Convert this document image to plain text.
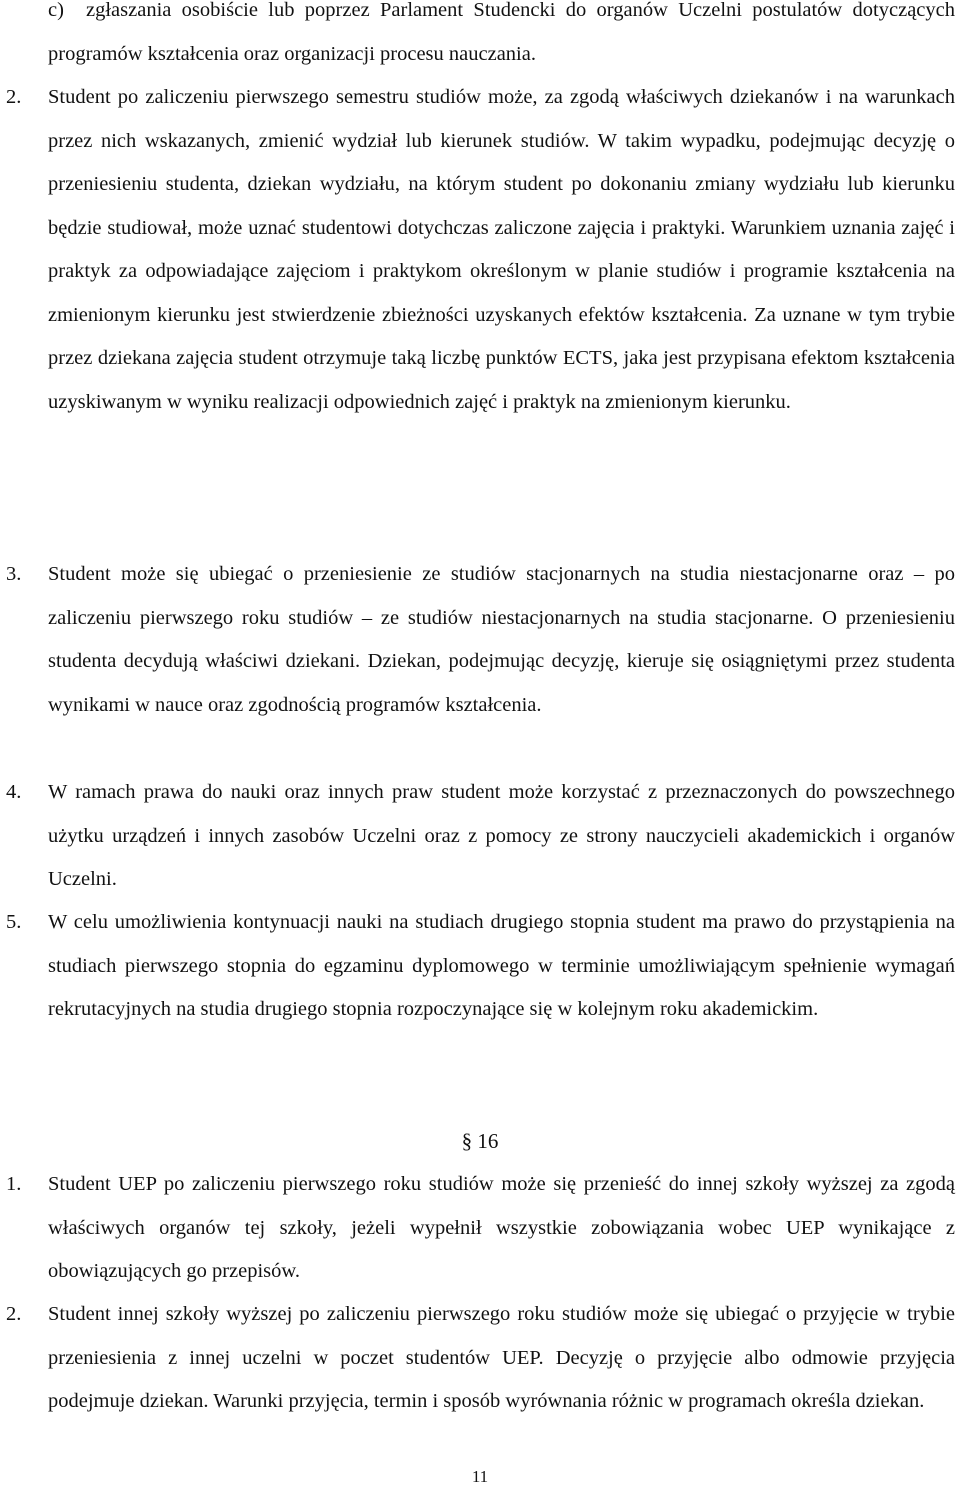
c)	zgłaszania osobiście lub poprzez Parlament Studencki do organów Uczelni postulatów dotyczących programów kształcenia oraz organizacji procesu nauczania.
2. Student po zaliczeniu pierwszego semestru studiów może, za zgodą właściwych dziekanów i na warunkach przez nich wskazanych, zmienić wydział lub kierunek studiów. W takim wypadku, podejmując decyzję o przeniesieniu studenta, dziekan wydziału, na którym student po dokonaniu zmiany wydziału lub kierunku będzie studiował, może uznać studentowi dotychczas zaliczone zajęcia i praktyki. Warunkiem uznania zajęć i praktyk za odpowiadające zajęciom i praktykom określonym w planie studiów i programie kształcenia na zmienionym kierunku jest stwierdzenie zbieżności uzyskanych efektów kształcenia. Za uznane w tym trybie przez dziekana zajęcia student otrzymuje taką liczbę punktów ECTS, jaka jest przypisana efektom kształcenia uzyskiwanym w wyniku realizacji odpowiednich zajęć i praktyk na zmienionym kierunku.
3. Student może się ubiegać o przeniesienie ze studiów stacjonarnych na studia niestacjonarne oraz – po zaliczeniu pierwszego roku studiów – ze studiów niestacjonarnych na studia stacjonarne. O przeniesieniu studenta decydują właściwi dziekani. Dziekan, podejmując decyzję, kieruje się osiągniętymi przez studenta wynikami w nauce oraz zgodnością programów kształcenia.
4. W ramach prawa do nauki oraz innych praw student może korzystać z przeznaczonych do powszechnego użytku urządzeń i innych zasobów Uczelni oraz z pomocy ze strony nauczycieli akademickich i organów Uczelni.
5. W celu umożliwienia kontynuacji nauki na studiach drugiego stopnia student ma prawo do przystąpienia na studiach pierwszego stopnia do egzaminu dyplomowego w terminie umożliwiającym spełnienie wymagań rekrutacyjnych na studia drugiego stopnia rozpoczynające się w kolejnym roku akademickim.
§ 16
1. Student UEP po zaliczeniu pierwszego roku studiów może się przenieść do innej szkoły wyższej za zgodą właściwych organów tej szkoły, jeżeli wypełnił wszystkie zobowiązania wobec UEP wynikające z obowiązujących go przepisów.
2. Student innej szkoły wyższej po zaliczeniu pierwszego roku studiów może się ubiegać o przyjęcie w trybie przeniesienia z innej uczelni w poczet studentów UEP. Decyzję o przyjęcie albo odmowie przyjęcia podejmuje dziekan. Warunki przyjęcia, termin i sposób wyrównania różnic w programach określa dziekan.
11
